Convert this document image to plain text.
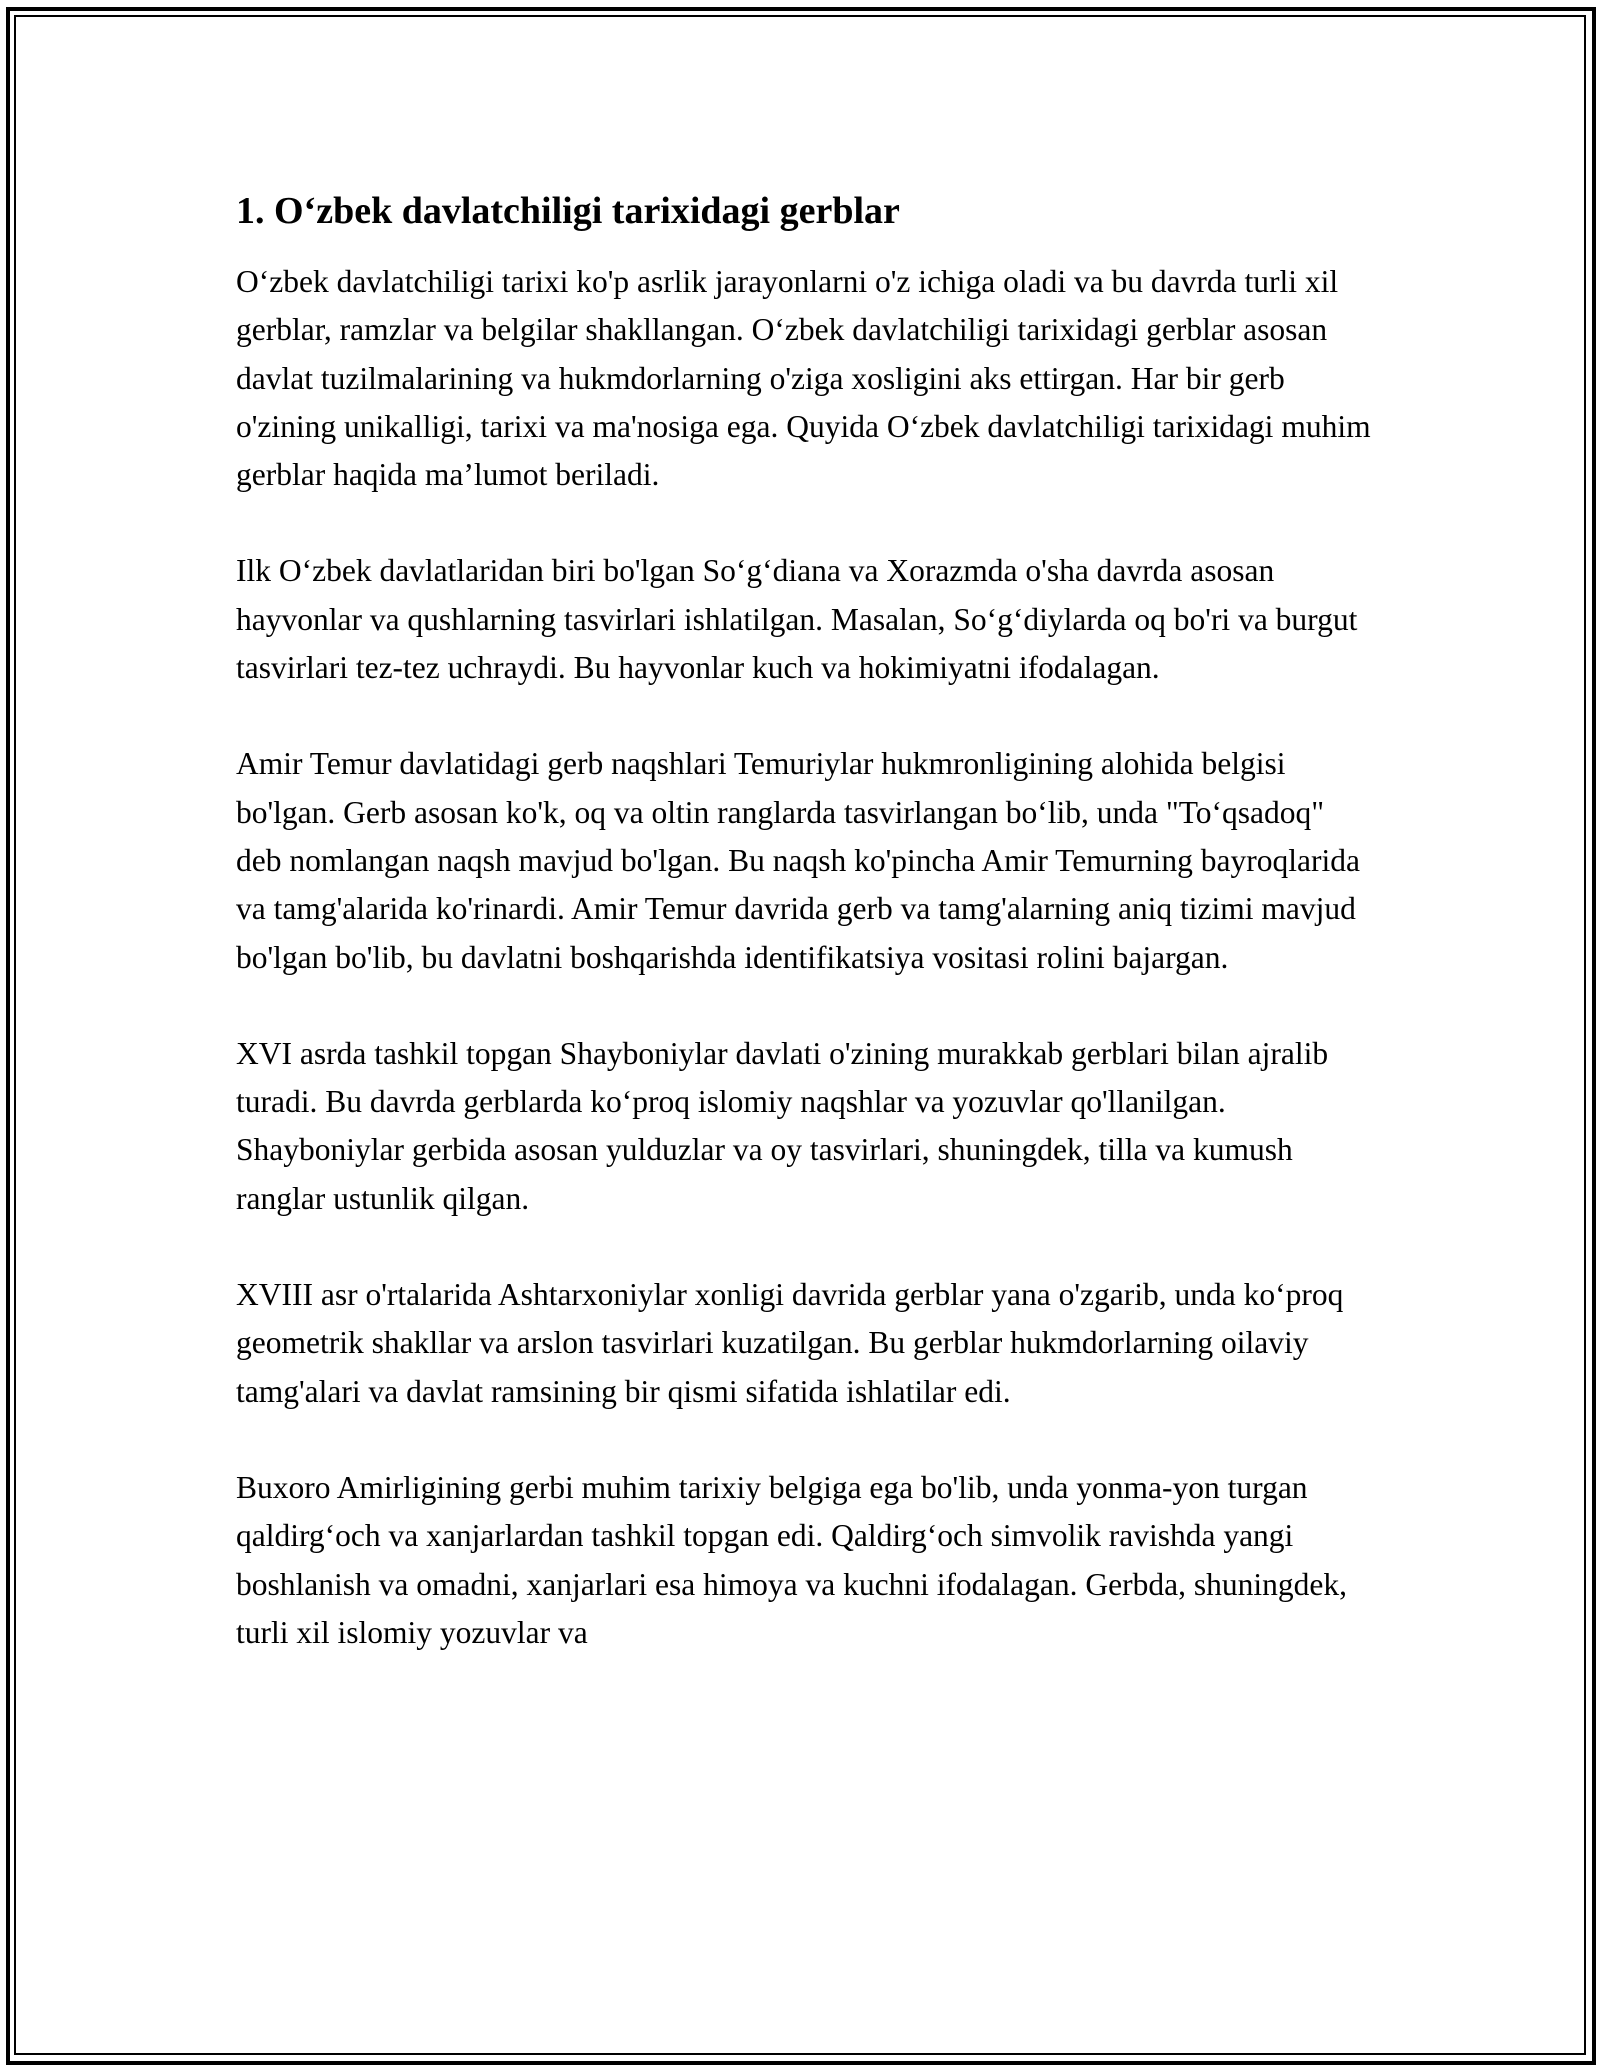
1. O‘zbek davlatchiligi tarixidagi gerblar

O‘zbek davlatchiligi tarixi ko'p asrlik jarayonlarni o'z ichiga oladi va bu davrda turli xil gerblar, ramzlar va belgilar shakllangan. O‘zbek davlatchiligi tarixidagi gerblar asosan davlat tuzilmalarining va hukmdorlarning o'ziga xosligini aks ettirgan. Har bir gerb o'zining unikalligi, tarixi va ma'nosiga ega. Quyida O‘zbek davlatchiligi tarixidagi muhim gerblar haqida ma’lumot beriladi.

Ilk O‘zbek davlatlaridan biri bo'lgan So‘g‘diana va Xorazmda o'sha davrda asosan hayvonlar va qushlarning tasvirlari ishlatilgan. Masalan, So‘g‘diylarda oq bo'ri va burgut tasvirlari tez-tez uchraydi. Bu hayvonlar kuch va hokimiyatni ifodalagan.

Amir Temur davlatidagi gerb naqshlari Temuriylar hukmronligining alohida belgisi bo'lgan. Gerb asosan ko'k, oq va oltin ranglarda tasvirlangan bo‘lib, unda "To‘qsadoq" deb nomlangan naqsh mavjud bo'lgan. Bu naqsh ko'pincha Amir Temurning bayroqlarida va tamg'alarida ko'rinardi. Amir Temur davrida gerb va tamg'alarning aniq tizimi mavjud bo'lgan bo'lib, bu davlatni boshqarishda identifikatsiya vositasi rolini bajargan.

XVI asrda tashkil topgan Shayboniylar davlati o'zining murakkab gerblari bilan ajralib turadi. Bu davrda gerblarda ko‘proq islomiy naqshlar va yozuvlar qo'llanilgan. Shayboniylar gerbida asosan yulduzlar va oy tasvirlari, shuningdek, tilla va kumush ranglar ustunlik qilgan.

XVIII asr o'rtalarida Ashtarxoniylar xonligi davrida gerblar yana o'zgarib, unda ko‘proq geometrik shakllar va arslon tasvirlari kuzatilgan. Bu gerblar hukmdorlarning oilaviy tamg'alari va davlat ramsining bir qismi sifatida ishlatilar edi.

Buxoro Amirligining gerbi muhim tarixiy belgiga ega bo'lib, unda yonma-yon turgan qaldirg‘och va xanjarlardan tashkil topgan edi. Qaldirg‘och simvolik ravishda yangi boshlanish va omadni, xanjarlari esa himoya va kuchni ifodalagan. Gerbda, shuningdek, turli xil islomiy yozuvlar va
